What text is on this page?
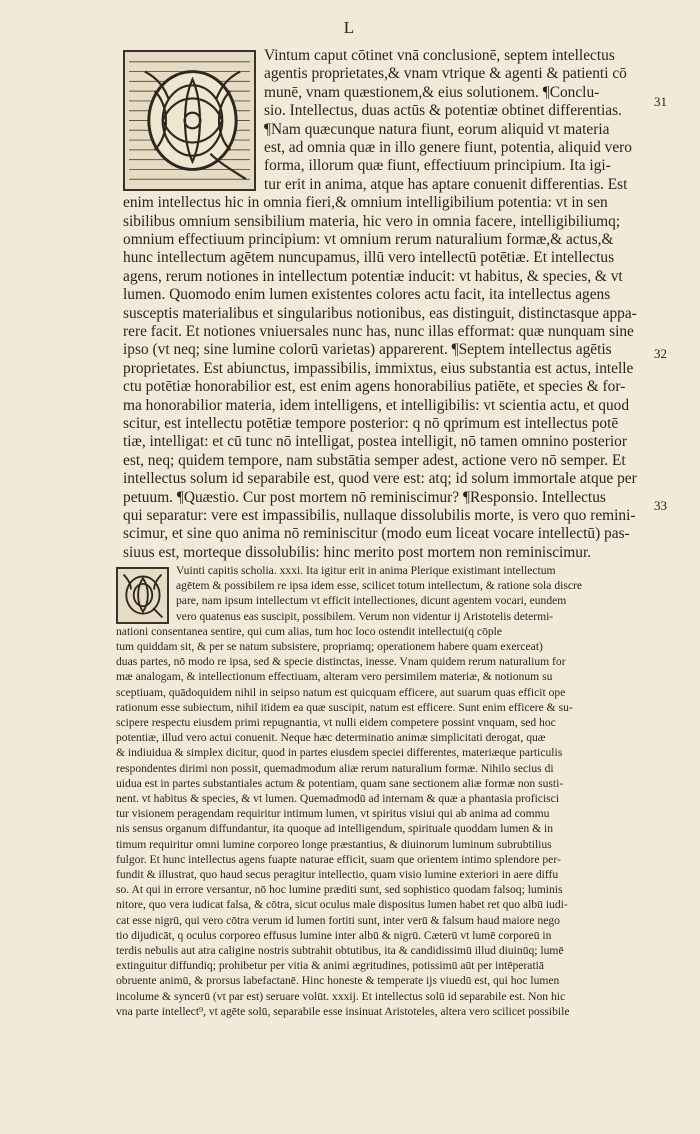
L
31
32
33
Vintum caput cōtinet vnā conclusionē, septem intellectus
agentis proprietates,& vnam vtrique & agenti & patienti cō
munē, vnam quæstionem,& eius solutionem. ¶Conclu-
sio. Intellectus, duas actūs & potentiæ obtinet differentias.
¶Nam quæcunque natura fiunt, eorum aliquid vt materia
est, ad omnia quæ in illo genere fiunt, potentia, aliquid vero
forma, illorum quæ fiunt, effectiuum principium. Ita igi-
tur erit in anima, atque has aptare conuenit differentias. Est
enim intellectus hic in omnia fieri,& omnium intelligibilium potentia: vt in sen
sibilibus omnium sensibilium materia, hic vero in omnia facere, intelligibiliumq;
omnium effectiuum principium: vt omnium rerum naturalium formæ,& actus,&
hunc intellectum agētem nuncupamus, illū vero intellectū potētiæ. Et intellectus
agens, rerum notiones in intellectum potentiæ inducit: vt habitus, & species, & vt
lumen. Quomodo enim lumen existentes colores actu facit, ita intellectus agens
susceptis materialibus et singularibus notionibus, eas distinguit, distinctasque appa-
rere facit. Et notiones vniuersales nunc has, nunc illas efformat: quæ nunquam sine
ipso (vt neq; sine lumine colorū varietas) apparerent. ¶Septem intellectus agētis
proprietates. Est abiunctus, impassibilis, immixtus, eius substantia est actus, intelle
ctu potētiæ honorabilior est, est enim agens honorabilius patiēte, et species & for-
ma honorabilior materia, idem intelligens, et intelligibilis: vt scientia actu, et quod
scitur, est intellectu potētiæ tempore posterior: q nō qprimum est intellectus potē
tiæ, intelligat: et cū tunc nō intelligat, postea intelligit, nō tamen omnino posterior
est, neq; quidem tempore, nam substātia semper adest, actione vero nō semper. Et
intellectus solum id separabile est, quod vere est: atq; id solum immortale atque per
petuum. ¶Quæstio. Cur post mortem nō reminiscimur? ¶Responsio. Intellectus
qui separatur: vere est impassibilis, nullaque dissolubilis morte, is vero quo remini-
scimur, et sine quo anima nō reminiscitur (modo eum liceat vocare intellectū) pas-
siuus est, morteque dissolubilis: hinc merito post mortem non reminiscimur.
Vuinti capitis scholia. xxxi. Ita igitur erit in anima Plerique existimant intellectum
agētem & possibilem re ipsa idem esse, scilicet totum intellectum, & ratione sola discre
pare, nam ipsum intellectum vt efficit intellectiones, dicunt agentem vocari, eundem
vero quatenus eas suscipit, possibilem. Verum non videntur ij Aristotelis determi-
nationi consentanea sentire, qui cum alias, tum hoc loco ostendit intellectui(q cōple
tum quiddam sit, & per se natum subsistere, propriamq; operationem habere quam exerceat)
duas partes, nō modo re ipsa, sed & specie distinctas, inesse. Vnam quidem rerum naturalium for
mæ analogam, & intellectionum effectiuam, alteram vero persimilem materiæ, & notionum su
sceptiuam, quādoquidem nihil in seipso natum est quicquam efficere, aut suarum quas efficit ope
rationum esse subiectum, nihil itidem ea quæ suscipit, natum est efficere. Sunt enim efficere & su-
scipere respectu eiusdem primi repugnantia, vt nulli eidem competere possint vnquam, sed hoc
potentiæ, illud vero actui conuenit. Neque hæc determinatio animæ simplicitati derogat, quæ
& indiuidua & simplex dicitur, quod in partes eiusdem speciei differentes, materiæque particulis
respondentes dirimi non possit, quemadmodum aliæ rerum naturalium formæ. Nihilo secius di
uidua est in partes substantiales actum & potentiam, quam sane sectionem aliæ formæ non susti-
nent. vt habitus & species, & vt lumen. Quemadmodū ad internam & quæ a phantasia proficisci
tur visionem peragendam requiritur intimum lumen, vt spiritus visiui qui ab anima ad commu
nis sensus organum diffundantur, ita quoque ad intelligendum, spirituale quoddam lumen & in
timum requiritur omni lumine corporeo longe præstantius, & diuinorum luminum subrubtilius
fulgor. Et hunc intellectus agens fuapte naturae efficit, suam que orientem intimo splendore per-
fundit & illustrat, quo haud secus peragitur intellectio, quam visio lumine exteriori in aere diffu
so. At qui in errore versantur, nō hoc lumine præditi sunt, sed sophistico quodam falsoq; luminis
nitore, quo vera iudicat falsa, & cōtra, sicut oculus male dispositus lumen habet ret quo albū iudi-
cat esse nigrū, qui vero cōtra verum id lumen fortiti sunt, inter verū & falsum haud maiore nego
tio dijudicāt, q oculus corporeo effusus lumine inter albū & nigrū. Cæterū vt lumē corporeū in
terdis nebulis aut atra caligine nostris subtrahit obtutibus, ita & candidissimū illud diuinūq; lumē
extinguitur diffundiq; prohibetur per vitia & animi ægritudines, potissimū aūt per intēperatiā
obruente animū, & prorsus labefactanē. Hinc honeste & temperate ijs viuedū est, qui hoc lumen
incolume & syncerū (vt par est) seruare volūt. xxxij. Et intellectus solū id separabile est. Non hic
vna parte intellect⁹, vt agēte solū, separabile esse insinuat Aristoteles, altera vero scilicet possibile
